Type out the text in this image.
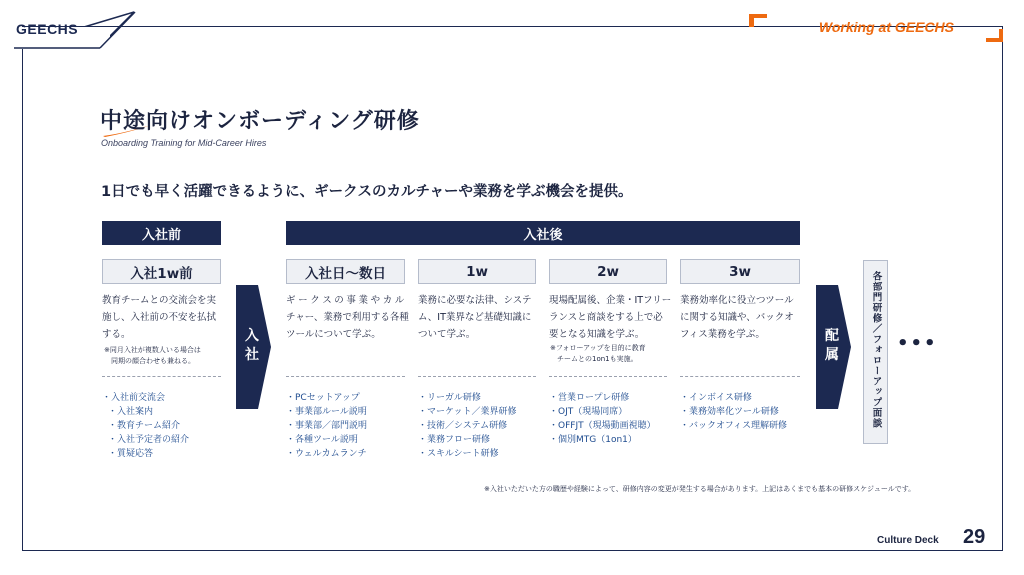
GEECHS	Working at GEECHS
中途向けオンボーディング研修
Onboarding Training for Mid-Career Hires
1日でも早く活躍できるように、ギークスのカルチャーや業務を学ぶ機会を提供。
入社前	入社後
入社1w前
教育チームとの交流会を実
施し、入社前の不安を払拭
する。
※同月入社が複数人いる場合は
　同期の顔合わせも兼ねる。
・入社前交流会
・入社案内
・教育チーム紹介
・入社予定者の紹介
・質疑応答
入
社
入社日〜数日
ギークスの事業やカル
チャー、業務で利用する各種
ツールについて学ぶ。
・PCセットアップ
・事業部ルール説明
・事業部／部門説明
・各種ツール説明
・ウェルカムランチ
1w
業務に必要な法律、システ
ム、IT業界など基礎知識に
ついて学ぶ。
・リーガル研修
・マーケット／業界研修
・技術／システム研修
・業務フロー研修
・スキルシート研修
2w
現場配属後、企業・ITフリー
ランスと商談をする上で必
要となる知識を学ぶ。
※フォローアップを目的に教育
　チームとの1on1も実施。
・営業ロープレ研修
・OJT（現場同席）
・OFFJT（現場動画視聴）
・個別MTG（1on1）
3w
業務効率化に役立つツール
に関する知識や、バックオ
フィス業務を学ぶ。
・インボイス研修
・業務効率化ツール研修
・バックオフィス理解研修
配
属	各部門研修／フォローアップ面談 •••
※入社いただいた方の職歴や経験によって、研修内容の変更が発生する場合があります。上記はあくまでも基本の研修スケジュールです。
Culture Deck 29
